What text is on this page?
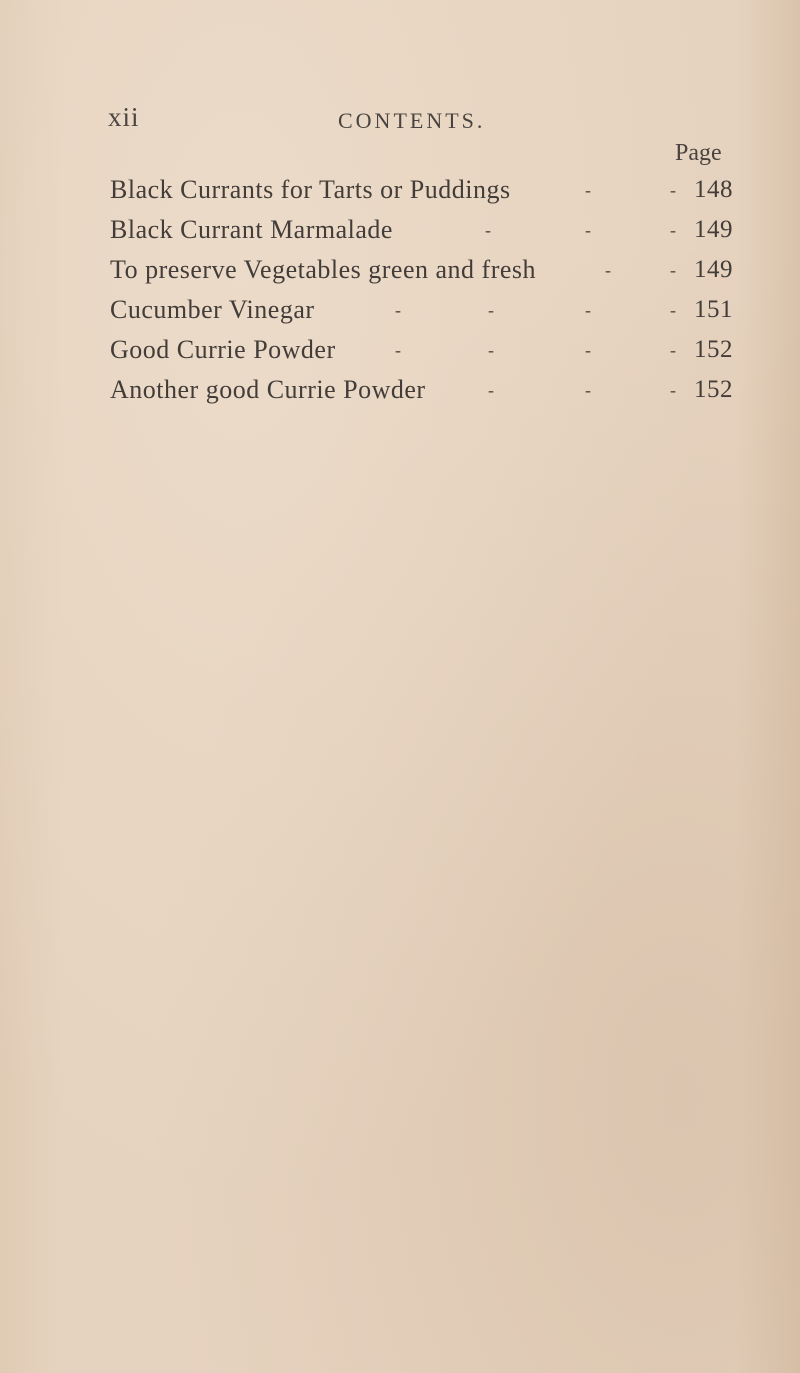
xii	CONTENTS.
Page
Black Currants for Tarts or Puddings	-	- 148
Black Currant Marmalade	-	-	- 149
To preserve Vegetables green and fresh	-	- 149
Cucumber Vinegar	-	-	-	- 151
Good Currie Powder	-	-	-	- 152
Another good Currie Powder	-	-	- 152
